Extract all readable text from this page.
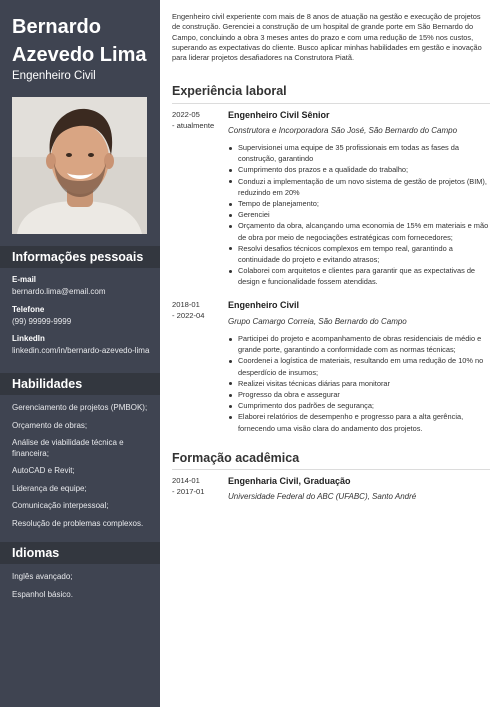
Bernardo Azevedo Lima
Engenheiro Civil
Informações pessoais
E-mail
bernardo.lima@email.com
Telefone
(99) 99999-9999
LinkedIn
linkedin.com/in/bernardo-azevedo-lima
Habilidades
Gerenciamento de projetos (PMBOK);
Orçamento de obras;
Análise de viabilidade técnica e financeira;
AutoCAD e Revit;
Liderança de equipe;
Comunicação interpessoal;
Resolução de problemas complexos.
Idiomas
Inglês avançado;
Espanhol básico.

Engenheiro civil experiente com mais de 8 anos de atuação na gestão e execução de projetos de construção. Gerenciei a construção de um hospital de grande porte em São Bernardo do Campo, concluindo a obra 3 meses antes do prazo e com uma redução de 15% nos custos, superando as expectativas do cliente. Busco aplicar minhas habilidades em gestão e inovação para liderar projetos desafiadores na Construtora Piatã.

Experiência laboral
2022-05
- atualmente
Engenheiro Civil Sênior
Construtora e Incorporadora São José, São Bernardo do Campo
Supervisionei uma equipe de 35 profissionais em todas as fases da construção, garantindo
Cumprimento dos prazos e a qualidade do trabalho;
Conduzi a implementação de um novo sistema de gestão de projetos (BIM), reduzindo em 20%
Tempo de planejamento;
Gerenciei
Orçamento da obra, alcançando uma economia de 15% em materiais e mão de obra por meio de negociações estratégicas com fornecedores;
Resolvi desafios técnicos complexos em tempo real, garantindo a continuidade do projeto e evitando atrasos;
Colaborei com arquitetos e clientes para garantir que as expectativas de design e funcionalidade fossem atendidas.
2018-01
- 2022-04
Engenheiro Civil
Grupo Camargo Correia, São Bernardo do Campo
Participei do projeto e acompanhamento de obras residenciais de médio e grande porte, garantindo a conformidade com as normas técnicas;
Coordenei a logística de materiais, resultando em uma redução de 10% no desperdício de insumos;
Realizei visitas técnicas diárias para monitorar
Progresso da obra e assegurar
Cumprimento dos padrões de segurança;
Elaborei relatórios de desempenho e progresso para a alta gerência, fornecendo uma visão clara do andamento dos projetos.
Formação acadêmica
2014-01
- 2017-01
Engenharia Civil, Graduação
Universidade Federal do ABC (UFABC), Santo André
